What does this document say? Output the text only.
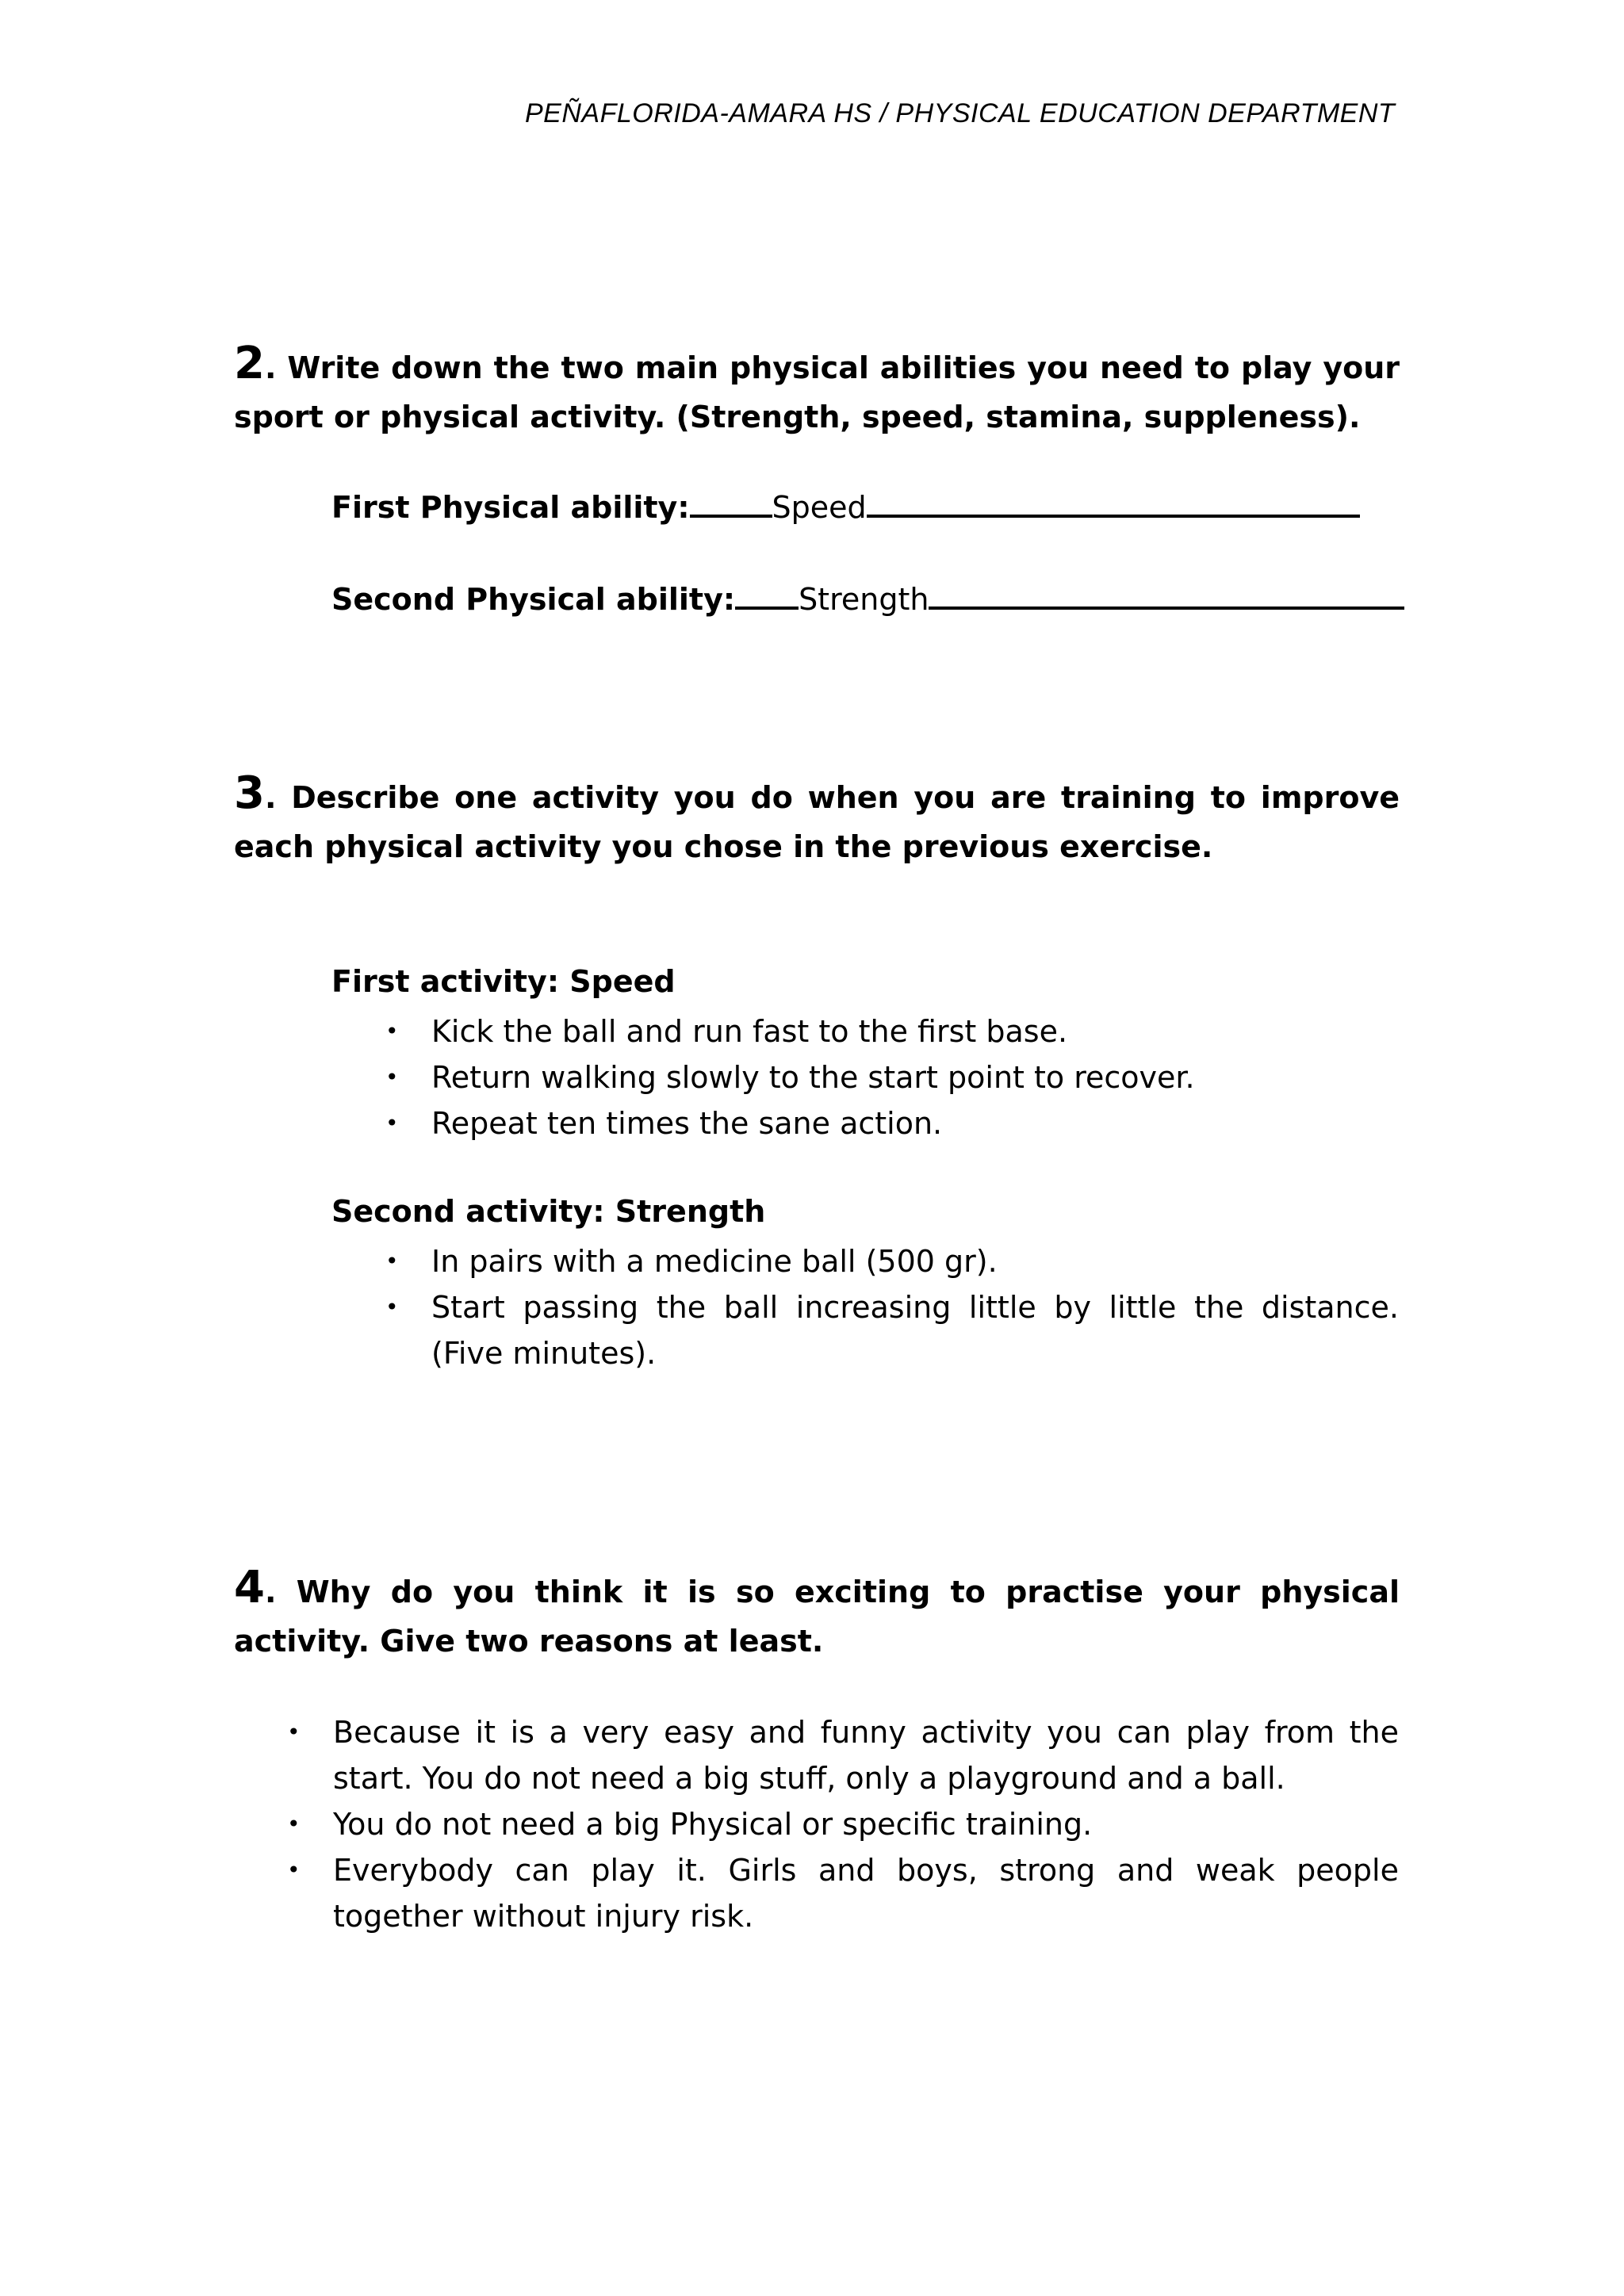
PEÑAFLORIDA-AMARA HS / PHYSICAL EDUCATION DEPARTMENT
2. Write down the two main physical abilities you need to play your sport or physical activity. (Strength, speed, stamina, suppleness).
First Physical ability:	Speed
Second Physical ability: Strength
3. Describe one activity you do when you are training to improve each physical activity you chose in the previous exercise.
First activity: Speed
• Kick the ball and run fast to the first base.
• Return walking slowly to the start point to recover.
• Repeat ten times the sane action.
Second activity: Strength
• In pairs with a medicine ball (500 gr).
• Start passing the ball increasing little by little the distance. (Five minutes).
4. Why do you think it is so exciting to practise your physical activity. Give two reasons at least.
• Because it is a very easy and funny activity you can play from the start. You do not need a big stuff, only a playground and a ball.
• You do not need a big Physical or specific training.
• Everybody can play it. Girls and boys, strong and weak people together without injury risk.
